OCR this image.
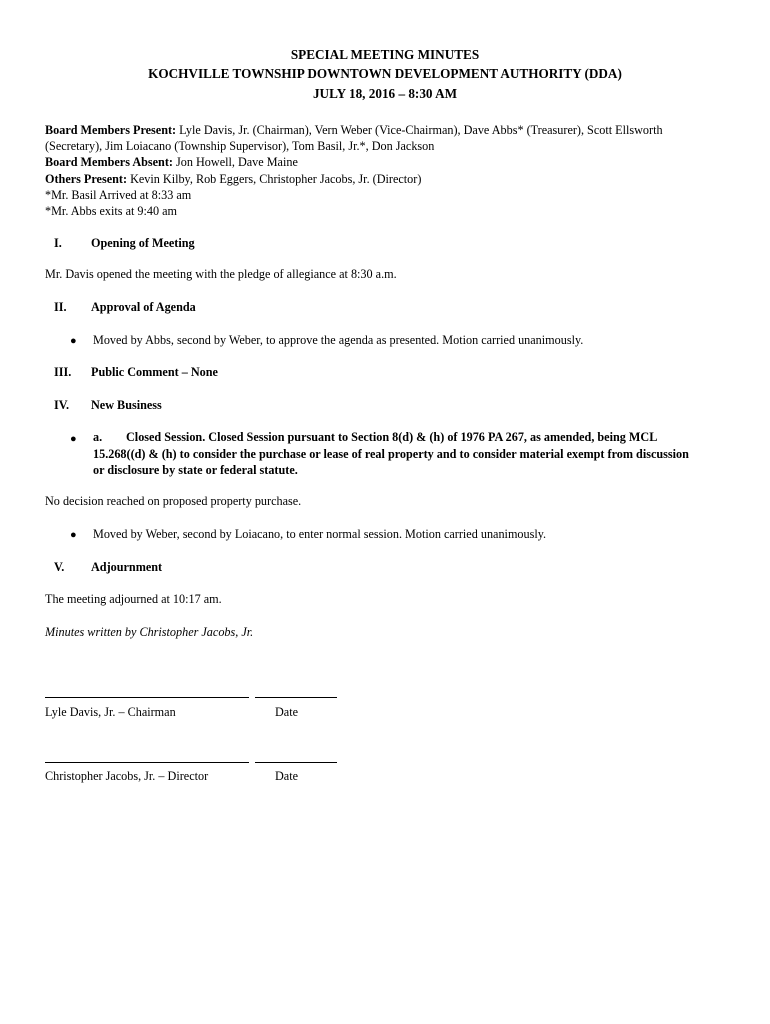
SPECIAL MEETING MINUTES
KOCHVILLE TOWNSHIP DOWNTOWN DEVELOPMENT AUTHORITY (DDA)
JULY 18, 2016 – 8:30 AM
Board Members Present: Lyle Davis, Jr. (Chairman), Vern Weber (Vice-Chairman), Dave Abbs* (Treasurer), Scott Ellsworth
(Secretary), Jim Loiacano (Township Supervisor), Tom Basil, Jr.*, Don Jackson
Board Members Absent: Jon Howell, Dave Maine
Others Present: Kevin Kilby, Rob Eggers, Christopher Jacobs, Jr. (Director)
*Mr. Basil Arrived at 8:33 am
*Mr. Abbs exits at 9:40 am
I. Opening of Meeting
Mr. Davis opened the meeting with the pledge of allegiance at 8:30 a.m.
II. Approval of Agenda
● Moved by Abbs, second by Weber, to approve the agenda as presented. Motion carried unanimously.
III. Public Comment – None
IV. New Business
● a. Closed Session. Closed Session pursuant to Section 8(d) & (h) of 1976 PA 267, as amended, being MCL
15.268((d) & (h) to consider the purchase or lease of real property and to consider material exempt from discussion
or disclosure by state or federal statute.
No decision reached on proposed property purchase.
● Moved by Weber, second by Loiacano, to enter normal session. Motion carried unanimously.
V. Adjournment
The meeting adjourned at 10:17 am.
Minutes written by Christopher Jacobs, Jr.
Lyle Davis, Jr. – Chairman	Date
Christopher Jacobs, Jr. – Director	Date
